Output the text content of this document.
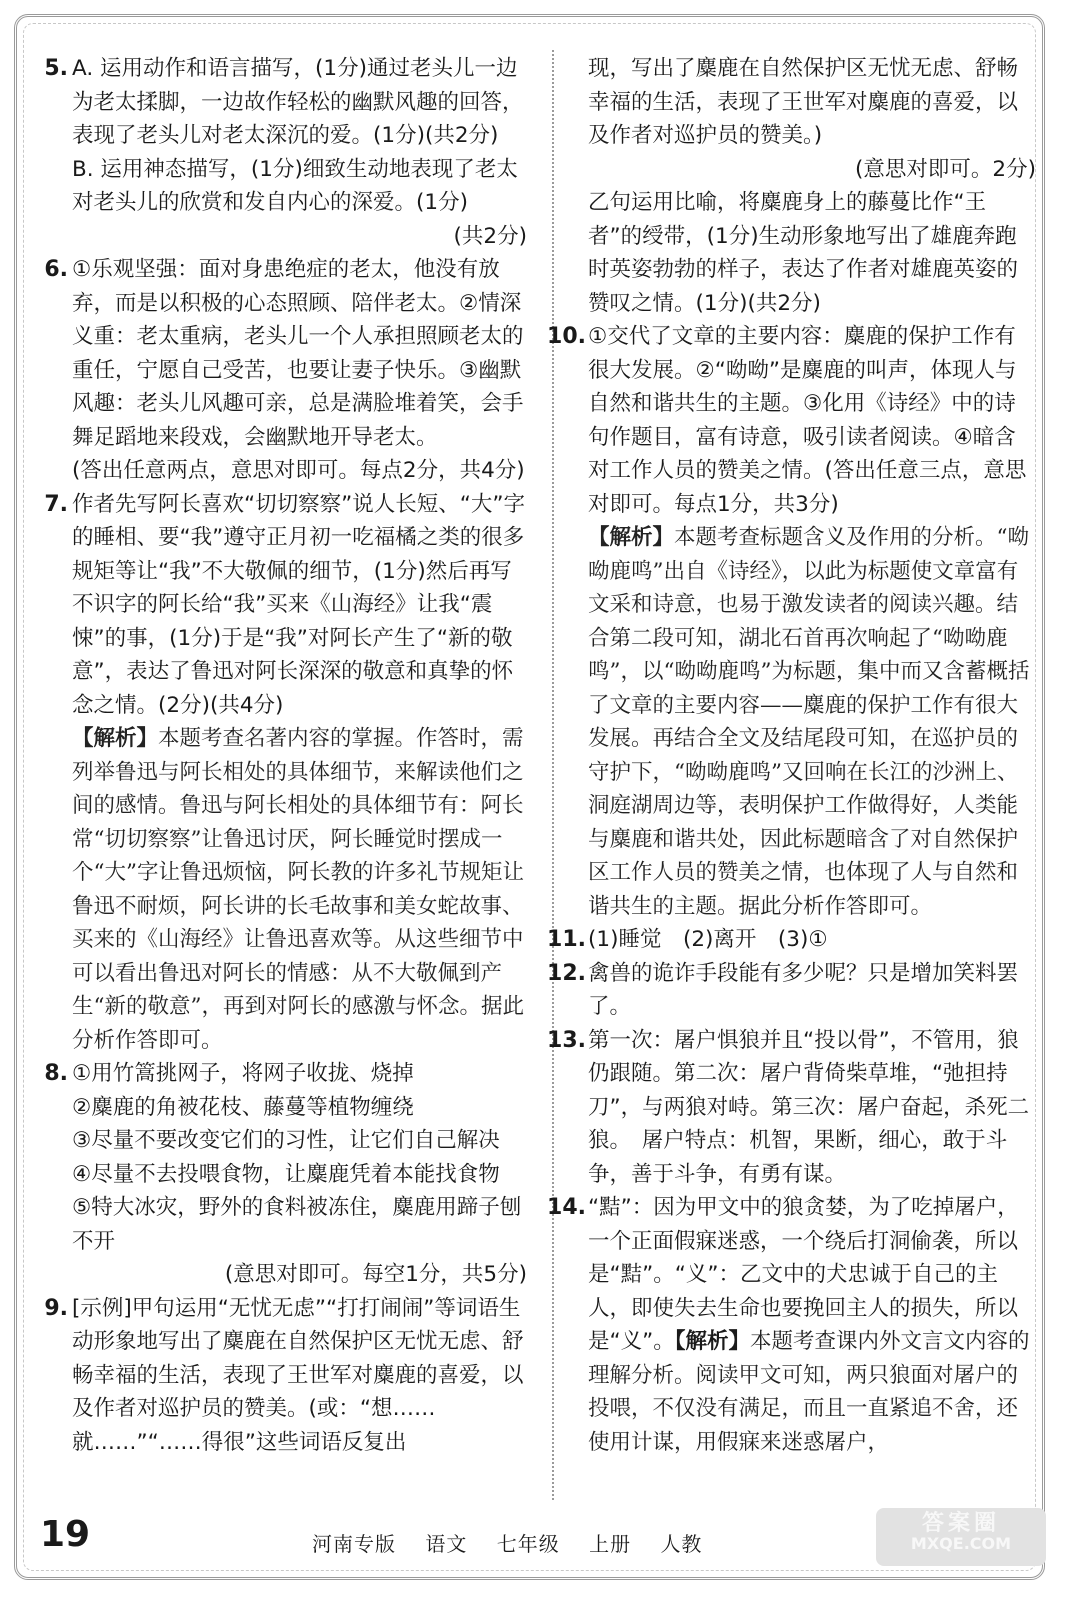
5. A. 运用动作和语言描写，(1分)通过老头儿一边为老太揉脚，一边故作轻松的幽默风趣的回答，表现了老头儿对老太深沉的爱。(1分)(共2分)

B. 运用神态描写，(1分)细致生动地表现了老太对老头儿的欣赏和发自内心的深爱。(1分)

(共2分)

6. ①乐观坚强：面对身患绝症的老太，他没有放弃，而是以积极的心态照顾、陪伴老太。②情深义重：老太重病，老头儿一个人承担照顾老太的重任，宁愿自己受苦，也要让妻子快乐。③幽默风趣：老头儿风趣可亲，总是满脸堆着笑，会手舞足蹈地来段戏，会幽默地开导老太。

(答出任意两点，意思对即可。每点2分，共4分)

7. 作者先写阿长喜欢“切切察察”说人长短、“大”字的睡相、要“我”遵守正月初一吃福橘之类的很多规矩等让“我”不大敬佩的细节，(1分)然后再写不识字的阿长给“我”买来《山海经》让我“震悚”的事，(1分)于是“我”对阿长产生了“新的敬意”，表达了鲁迅对阿长深深的敬意和真挚的怀念之情。(2分)(共4分)

【解析】本题考查名著内容的掌握。作答时，需列举鲁迅与阿长相处的具体细节，来解读他们之间的感情。鲁迅与阿长相处的具体细节有：阿长常“切切察察”让鲁迅讨厌，阿长睡觉时摆成一个“大”字让鲁迅烦恼，阿长教的许多礼节规矩让鲁迅不耐烦，阿长讲的长毛故事和美女蛇故事、买来的《山海经》让鲁迅喜欢等。从这些细节中可以看出鲁迅对阿长的情感：从不大敬佩到产生“新的敬意”，再到对阿长的感激与怀念。据此分析作答即可。

8. ①用竹篙挑网子，将网子收拢、烧掉

②麋鹿的角被花枝、藤蔓等植物缠绕

③尽量不要改变它们的习性，让它们自己解决

④尽量不去投喂食物，让麋鹿凭着本能找食物

⑤特大冰灾，野外的食料被冻住，麋鹿用蹄子刨不开

(意思对即可。每空1分，共5分)

9. [示例]甲句运用“无忧无虑”“打打闹闹”等词语生动形象地写出了麋鹿在自然保护区无忧无虑、舒畅幸福的生活，表现了王世军对麋鹿的喜爱，以及作者对巡护员的赞美。(或：“想……就……”“……得很”这些词语反复出

现，写出了麋鹿在自然保护区无忧无虑、舒畅幸福的生活，表现了王世军对麋鹿的喜爱，以及作者对巡护员的赞美。)

(意思对即可。2分)

乙句运用比喻，将麋鹿身上的藤蔓比作“王者”的绶带，(1分)生动形象地写出了雄鹿奔跑时英姿勃勃的样子，表达了作者对雄鹿英姿的赞叹之情。(1分)(共2分)

10. ①交代了文章的主要内容：麋鹿的保护工作有很大发展。②“呦呦”是麋鹿的叫声，体现人与自然和谐共生的主题。③化用《诗经》中的诗句作题目，富有诗意，吸引读者阅读。④暗含对工作人员的赞美之情。(答出任意三点，意思对即可。每点1分，共3分)

【解析】本题考查标题含义及作用的分析。“呦呦鹿鸣”出自《诗经》，以此为标题使文章富有文采和诗意，也易于激发读者的阅读兴趣。结合第二段可知，湖北石首再次响起了“呦呦鹿鸣”，以“呦呦鹿鸣”为标题，集中而又含蓄概括了文章的主要内容——麋鹿的保护工作有很大发展。再结合全文及结尾段可知，在巡护员的守护下，“呦呦鹿鸣”又回响在长江的沙洲上、洞庭湖周边等，表明保护工作做得好，人类能与麋鹿和谐共处，因此标题暗含了对自然保护区工作人员的赞美之情，也体现了人与自然和谐共生的主题。据此分析作答即可。

11. (1)睡觉　(2)离开　(3)①

12. 禽兽的诡诈手段能有多少呢？只是增加笑料罢了。

13. 第一次：屠户惧狼并且“投以骨”，不管用，狼仍跟随。第二次：屠户背倚柴草堆，“弛担持刀”，与两狼对峙。第三次：屠户奋起，杀死二狼。　屠户特点：机智，果断，细心，敢于斗争，善于斗争，有勇有谋。

14. “黠”：因为甲文中的狼贪婪，为了吃掉屠户，一个正面假寐迷惑，一个绕后打洞偷袭，所以是“黠”。“义”：乙文中的犬忠诚于自己的主人，即使失去生命也要挽回主人的损失，所以是“义”。【解析】本题考查课内外文言文内容的理解分析。阅读甲文可知，两只狼面对屠户的投喂，不仅没有满足，而且一直紧追不舍，还使用计谋，用假寐来迷惑屠户，

19	河南专版 语文 七年级 上册 人教
答案圈
MXQE.COM
